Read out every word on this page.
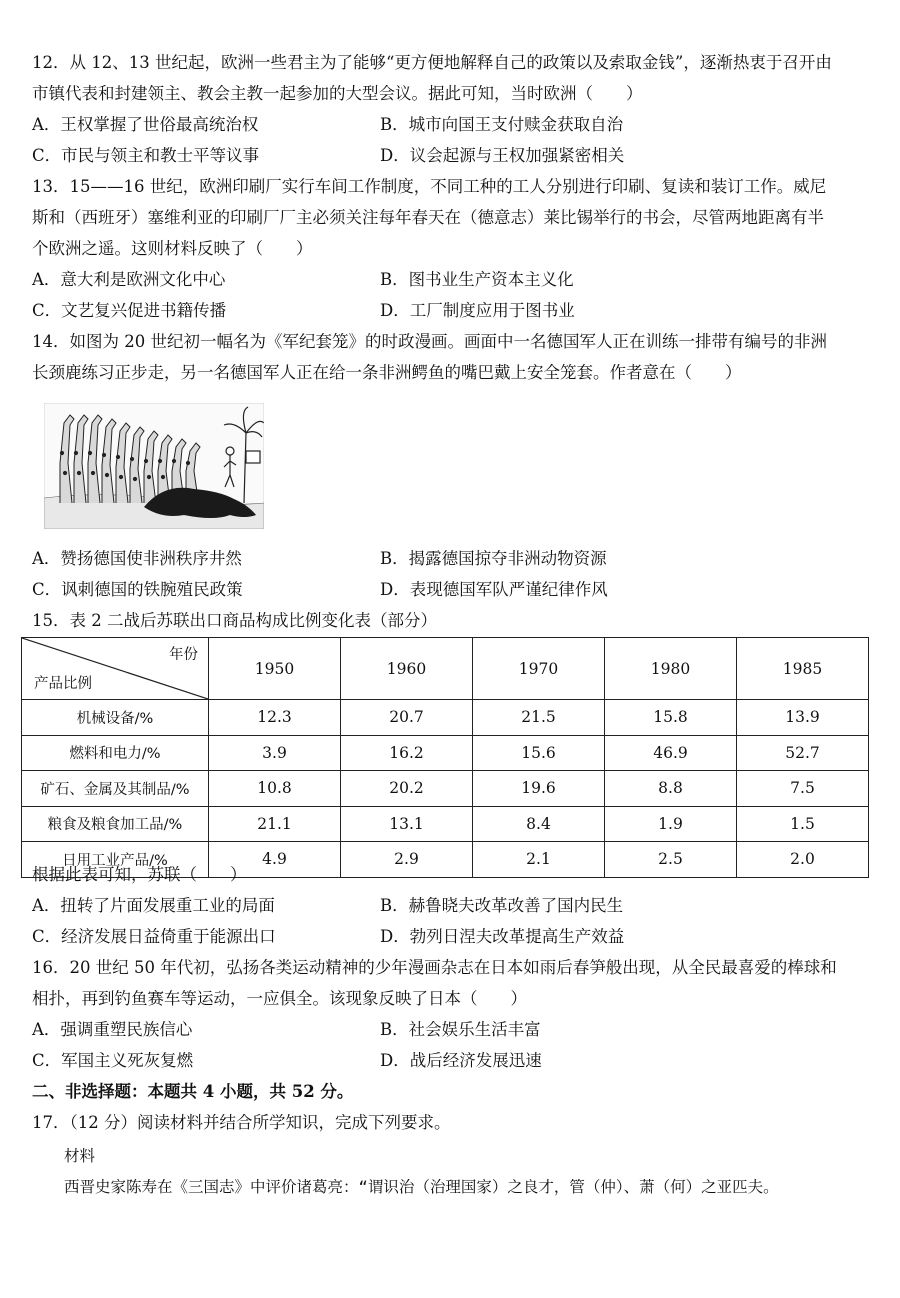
12．从 12、13 世纪起，欧洲一些君主为了能够“更方便地解释自己的政策以及索取金钱”，逐渐热衷于召开由
市镇代表和封建领主、教会主教一起参加的大型会议。据此可知，当时欧洲（　　）
A．王权掌握了世俗最高统治权	B．城市向国王支付赎金获取自治
C．市民与领主和教士平等议事	D．议会起源与王权加强紧密相关
13．15——16 世纪，欧洲印刷厂实行车间工作制度，不同工种的工人分别进行印刷、复读和装订工作。威尼
斯和（西班牙）塞维利亚的印刷厂厂主必须关注每年春天在（德意志）莱比锡举行的书会，尽管两地距离有半
个欧洲之遥。这则材料反映了（　　）
A．意大利是欧洲文化中心	B．图书业生产资本主义化
C．文艺复兴促进书籍传播	D．工厂制度应用于图书业
14．如图为 20 世纪初一幅名为《军纪套笼》的时政漫画。画面中一名德国军人正在训练一排带有编号的非洲
长颈鹿练习正步走，另一名德国军人正在给一条非洲鳄鱼的嘴巴戴上安全笼套。作者意在（　　）
A．赞扬德国使非洲秩序井然	B．揭露德国掠夺非洲动物资源
C．讽刺德国的铁腕殖民政策	D．表现德国军队严谨纪律作风
15．表 2 二战后苏联出口商品构成比例变化表（部分）
年份
产品比例	1950	1960	1970	1980	1985
机械设备/%	12.3	20.7	21.5	15.8	13.9
燃料和电力/%	3.9	16.2	15.6	46.9	52.7
矿石、金属及其制品/%	10.8	20.2	19.6	8.8	7.5
粮食及粮食加工品/%	21.1	13.1	8.4	1.9	1.5
日用工业产品/%	4.9	2.9	2.1	2.5	2.0
根据此表可知，苏联（　　）
A．扭转了片面发展重工业的局面	B．赫鲁晓夫改革改善了国内民生
C．经济发展日益倚重于能源出口	D．勃列日涅夫改革提高生产效益
16．20 世纪 50 年代初，弘扬各类运动精神的少年漫画杂志在日本如雨后春笋般出现，从全民最喜爱的棒球和
相扑，再到钓鱼赛车等运动，一应俱全。该现象反映了日本（　　）
A．强调重塑民族信心	B．社会娱乐生活丰富
C．军国主义死灰复燃	D．战后经济发展迅速
二、非选择题：本题共 4 小题，共 52 分。
17．（12 分）阅读材料并结合所学知识，完成下列要求。
材料
西晋史家陈寿在《三国志》中评价诸葛亮：“谓识治（治理国家）之良才，管（仲）、萧（何）之亚匹夫。
